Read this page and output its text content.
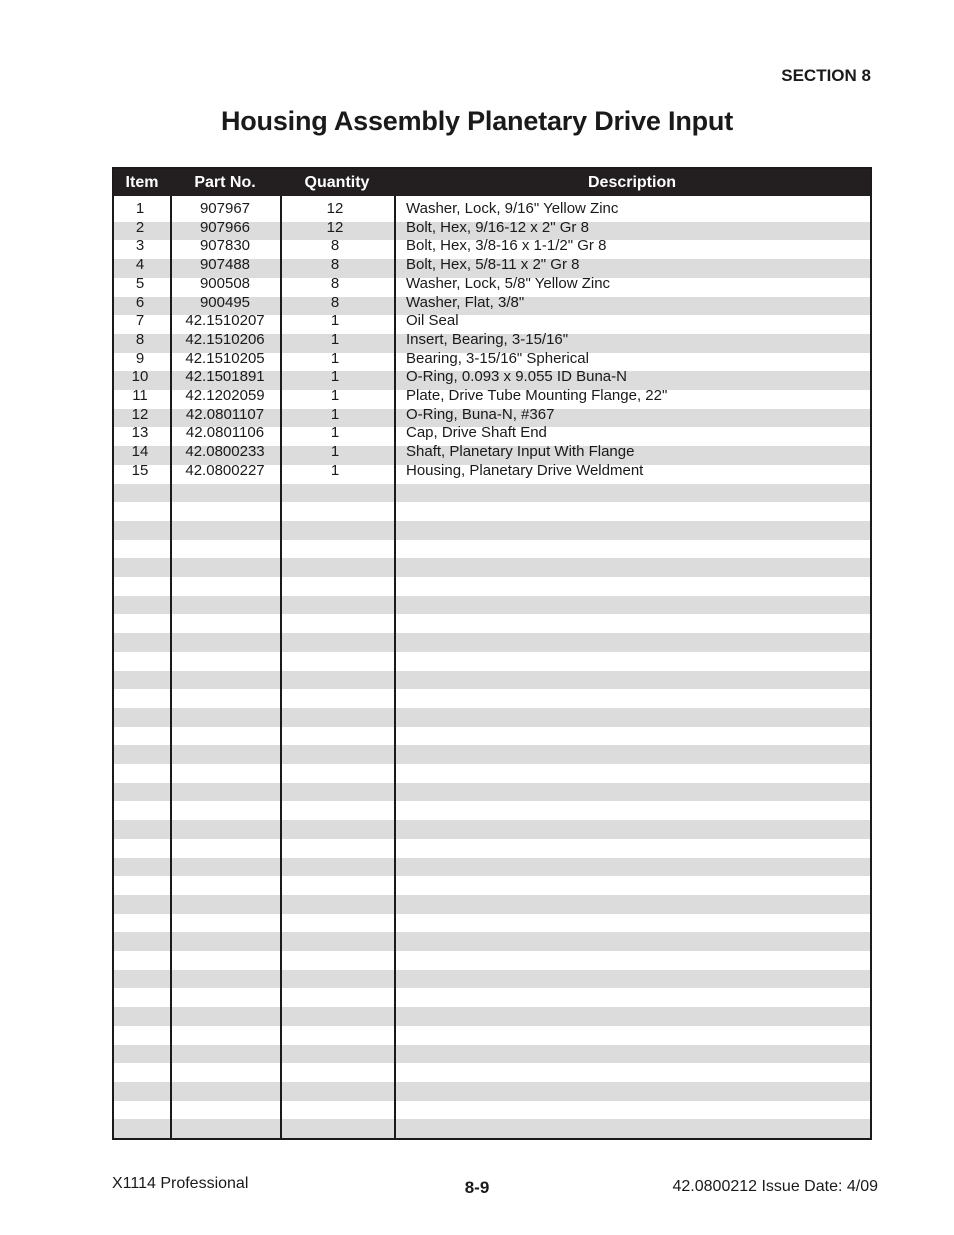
SECTION 8
Housing Assembly Planetary Drive Input
Item	Part No.	Quantity	Description
1	907967	12	Washer, Lock, 9/16" Yellow Zinc
2	907966	12	Bolt, Hex, 9/16-12 x 2" Gr 8
3	907830	8	Bolt, Hex, 3/8-16 x 1-1/2" Gr 8
4	907488	8	Bolt, Hex, 5/8-11 x 2" Gr 8
5	900508	8	Washer, Lock, 5/8" Yellow Zinc
6	900495	8	Washer, Flat, 3/8"
7	42.1510207	1	Oil Seal
8	42.1510206	1	Insert, Bearing, 3-15/16"
9	42.1510205	1	Bearing, 3-15/16" Spherical
10	42.1501891	1	O-Ring, 0.093 x 9.055 ID Buna-N
11	42.1202059	1	Plate, Drive Tube Mounting Flange, 22"
12	42.0801107	1	O-Ring, Buna-N, #367
13	42.0801106	1	Cap, Drive Shaft End
14	42.0800233	1	Shaft, Planetary Input With Flange
15	42.0800227	1	Housing, Planetary Drive Weldment
X1114 Professional	8-9	42.0800212 Issue Date: 4/09
